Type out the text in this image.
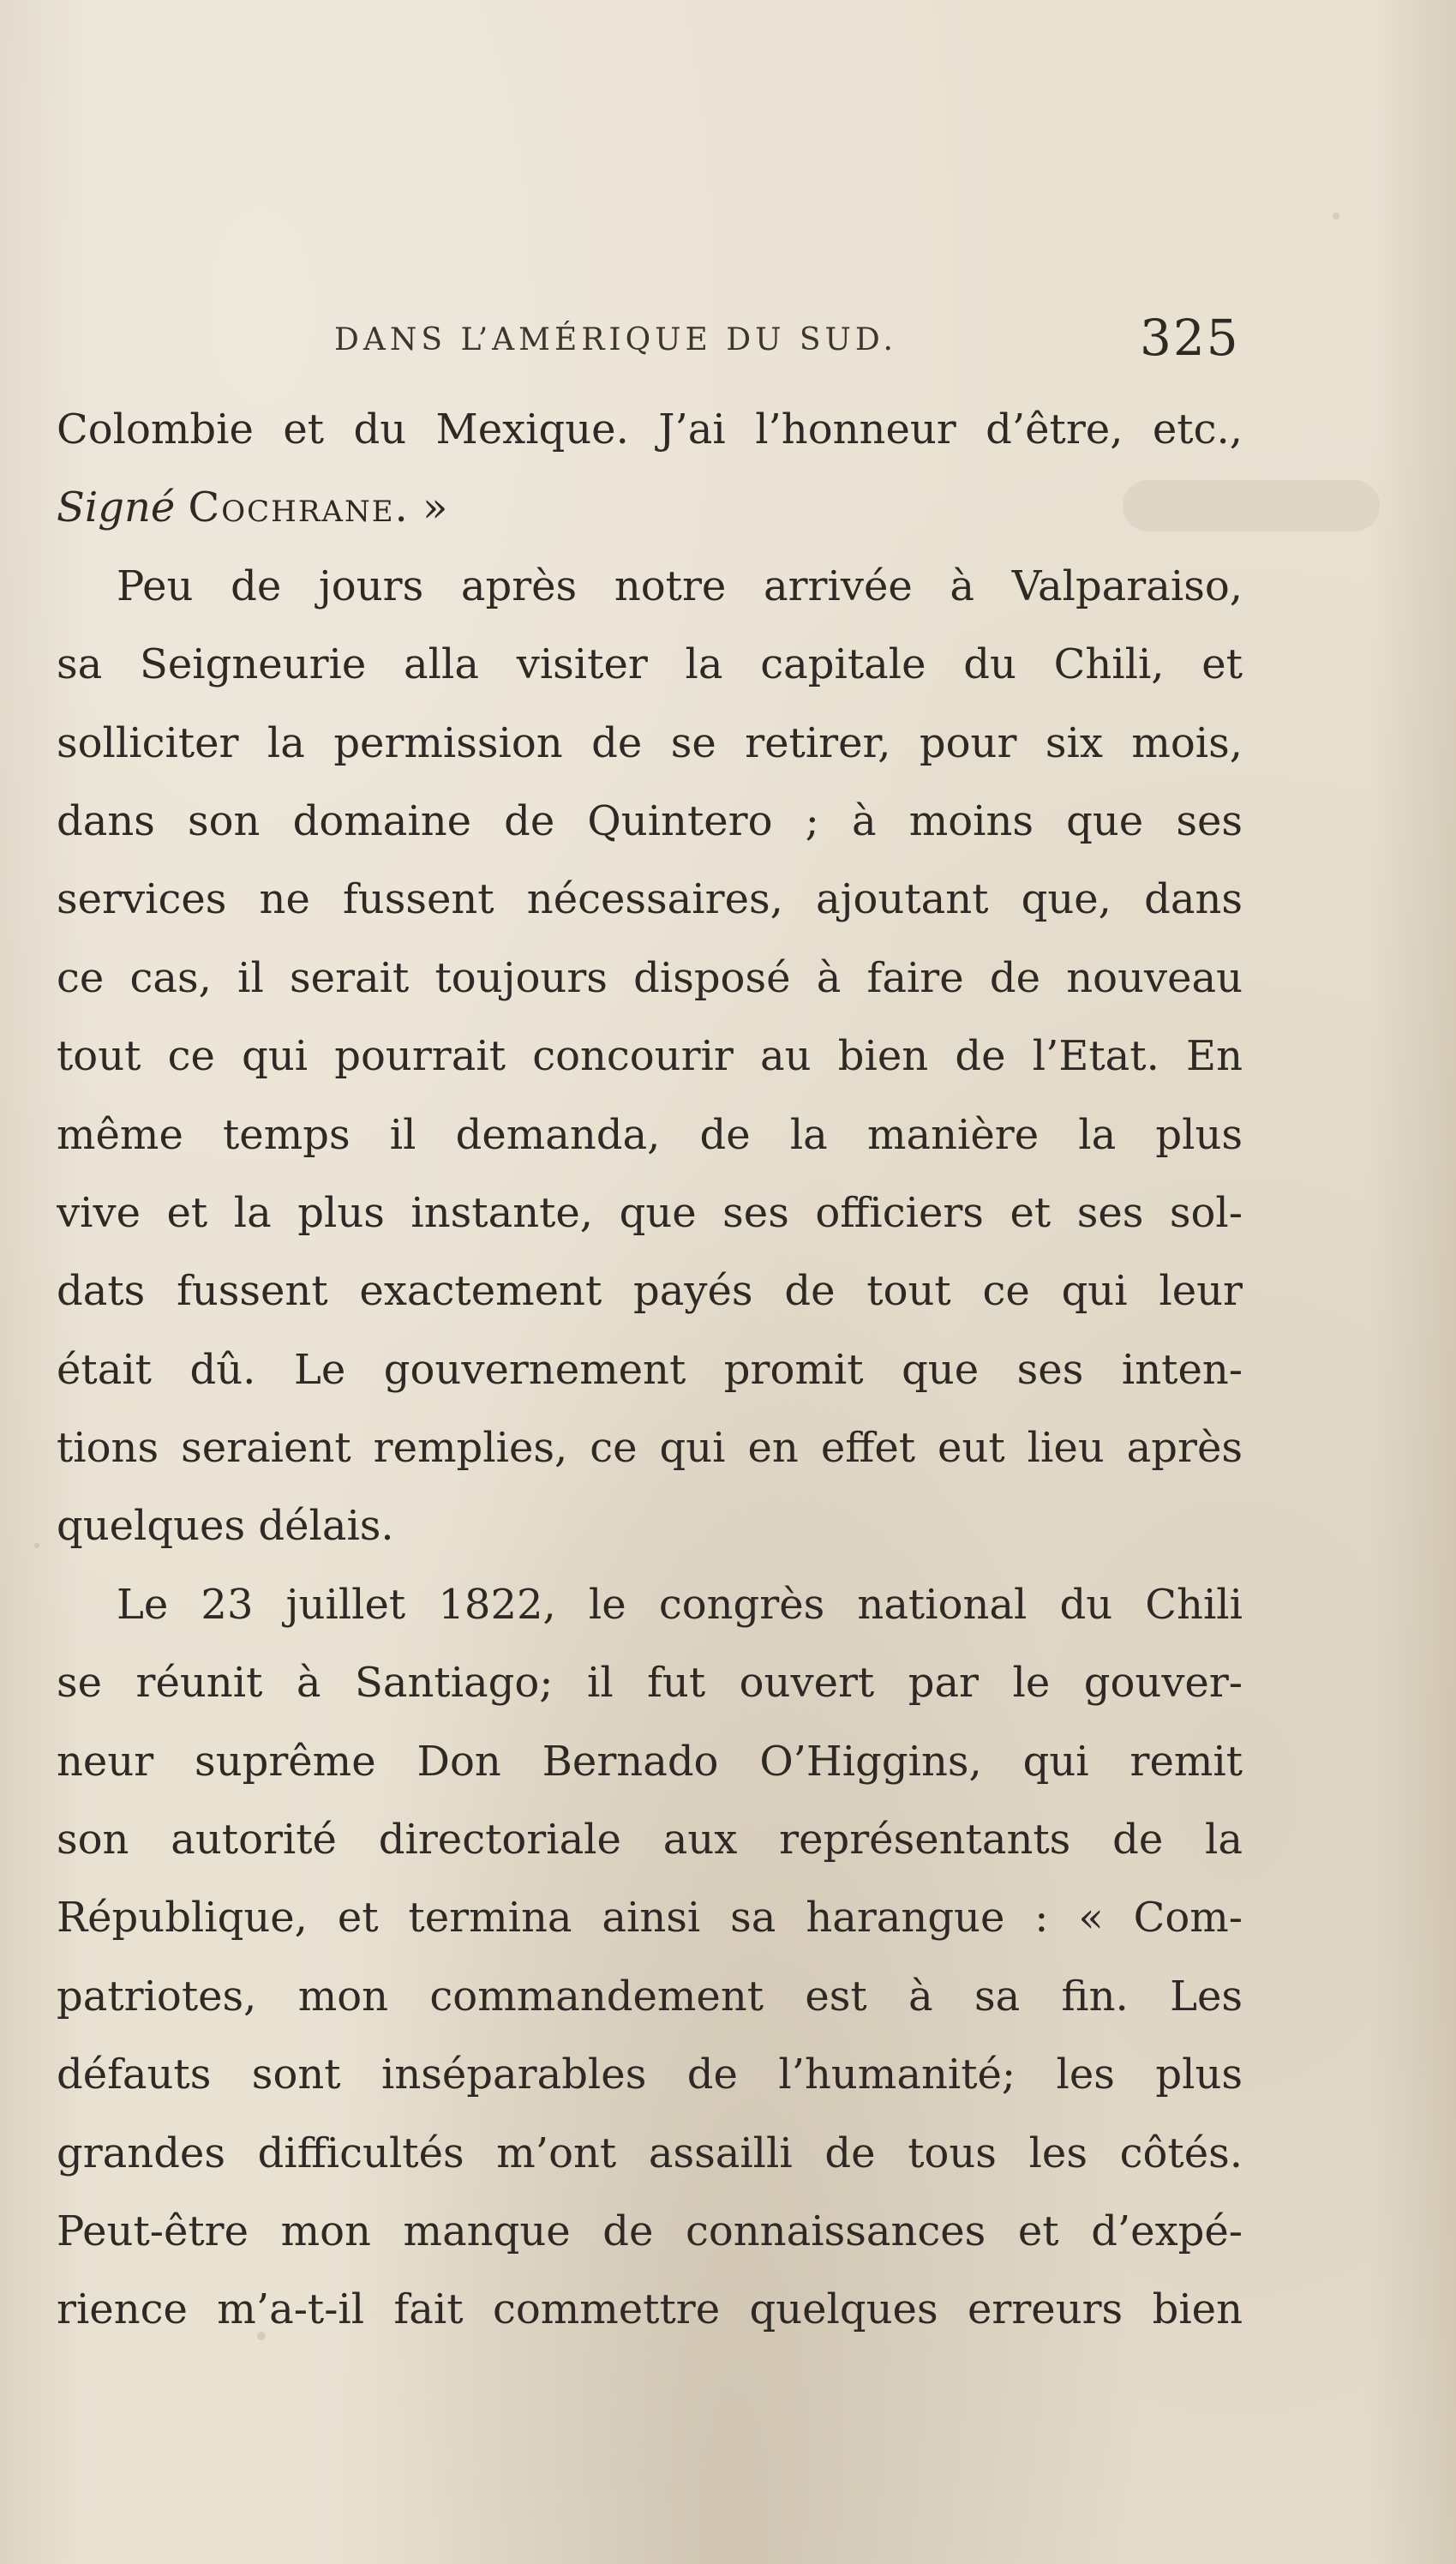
DANS L’AMÉRIQUE DU SUD.	325
Colombie et du Mexique. J’ai l’honneur d’être, etc.,
Signé Cochrane. »
Peu de jours après notre arrivée à Valparaiso,
sa Seigneurie alla visiter la capitale du Chili, et
solliciter la permission de se retirer, pour six mois,
dans son domaine de Quintero ; à moins que ses
services ne fussent nécessaires, ajoutant que, dans
ce cas, il serait toujours disposé à faire de nouveau
tout ce qui pourrait concourir au bien de l’Etat. En
même temps il demanda, de la manière la plus
vive et la plus instante, que ses officiers et ses sol-
dats fussent exactement payés de tout ce qui leur
était dû. Le gouvernement promit que ses inten-
tions seraient remplies, ce qui en effet eut lieu après
quelques délais.
Le 23 juillet 1822, le congrès national du Chili
se réunit à Santiago; il fut ouvert par le gouver-
neur suprême Don Bernado O’Higgins, qui remit
son autorité directoriale aux représentants de la
République, et termina ainsi sa harangue : « Com-
patriotes, mon commandement est à sa fin. Les
défauts sont inséparables de l’humanité; les plus
grandes difficultés m’ont assailli de tous les côtés.
Peut-être mon manque de connaissances et d’expé-
rience m’a-t-il fait commettre quelques erreurs bien
